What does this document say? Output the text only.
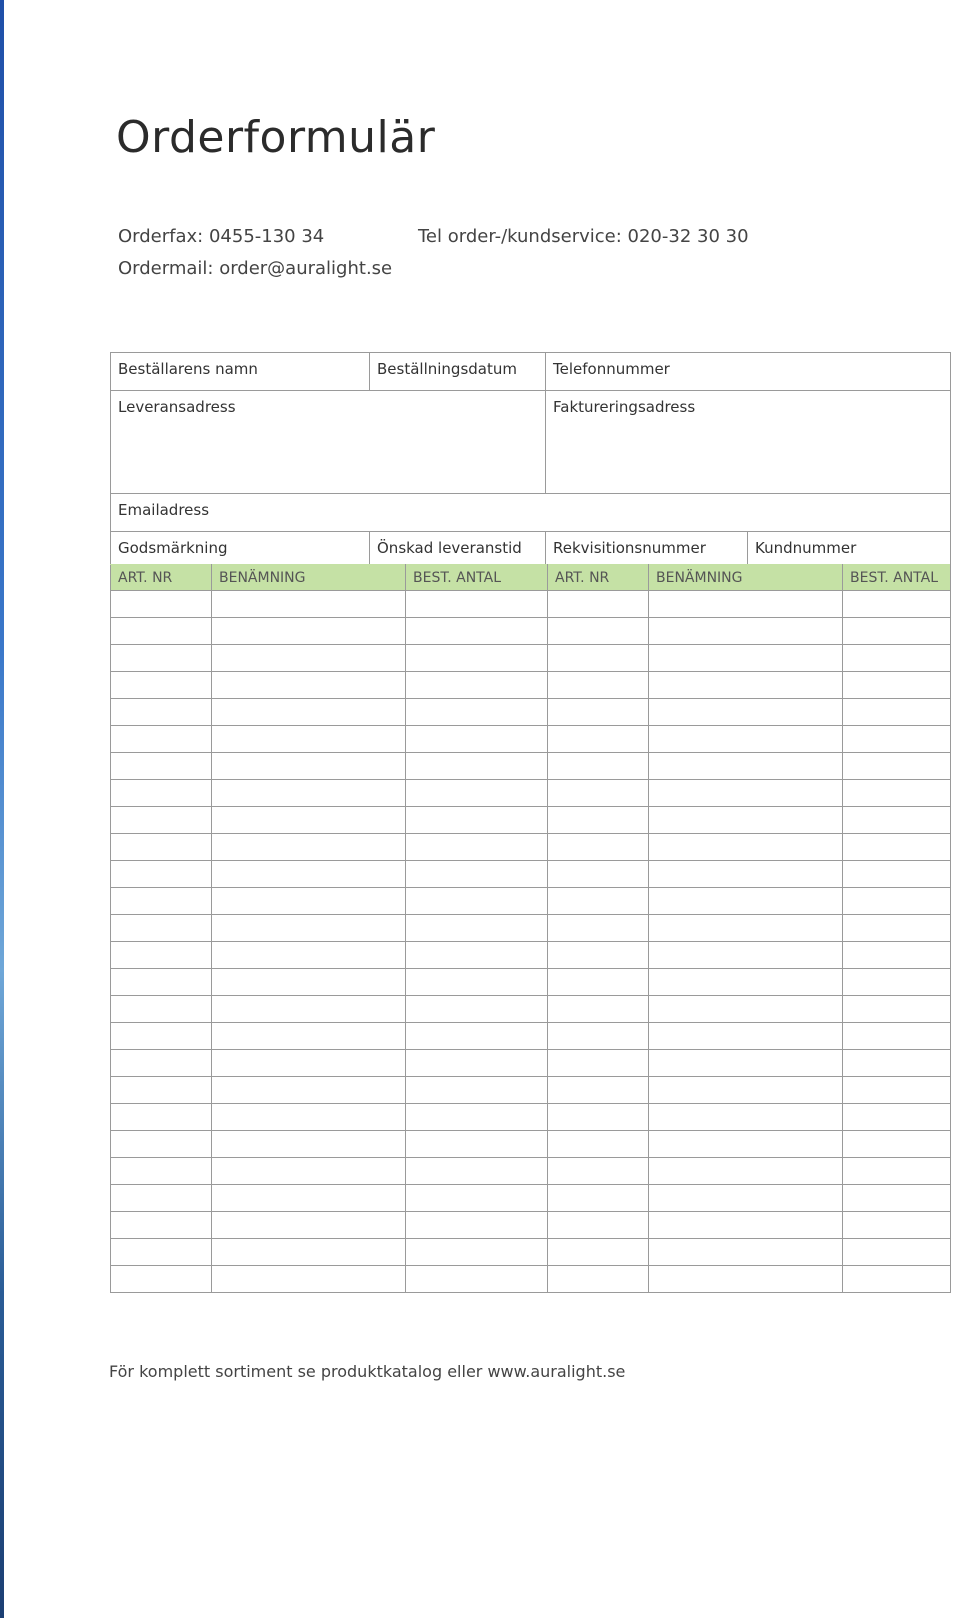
Orderformulär
Orderfax: 0455-130 34	Tel order-/kundservice: 020-32 30 30
Ordermail: order@auralight.se
Beställarens namn	Beställningsdatum	Telefonnummer	
Leveransadress		Faktureringsadress	
Emailadress			
Godsmärkning	Önskad leveranstid	Rekvisitionsnummer	Kundnummer
ART. NR	BENÄMNING	BEST. ANTAL	ART. NR	BENÄMNING	BEST. ANTAL

För komplett sortiment se produktkatalog eller www.auralight.se
